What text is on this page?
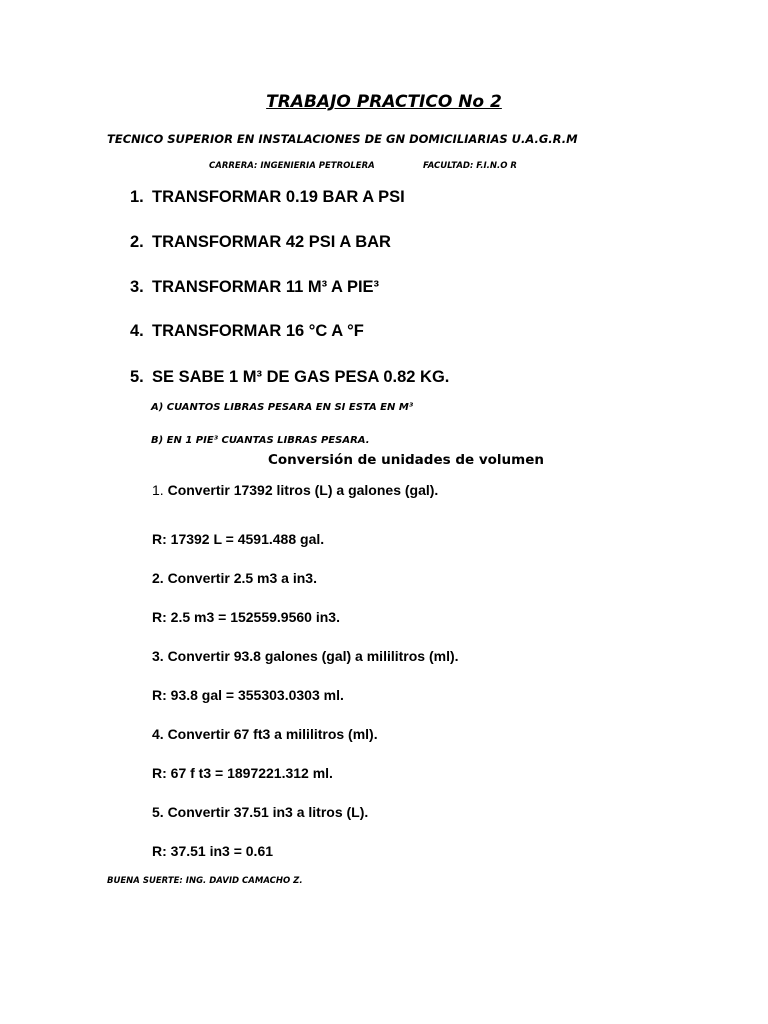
TRABAJO PRACTICO No 2
TECNICO SUPERIOR EN INSTALACIONES DE GN DOMICILIARIAS U.A.G.R.M
CARRERA: INGENIERIA PETROLERA	FACULTAD: F.I.N.O R
1. TRANSFORMAR 0.19 BAR A PSI
2. TRANSFORMAR 42 PSI A BAR
3. TRANSFORMAR 11 M³ A PIE³
4. TRANSFORMAR 16 °C A °F
5. SE SABE 1 M³ DE GAS PESA 0.82 KG.
A) CUANTOS LIBRAS PESARA EN SI ESTA EN M³
B) EN 1 PIE³ CUANTAS LIBRAS PESARA.
Conversión de unidades de volumen
1. Convertir 17392 litros (L) a galones (gal).
R: 17392 L = 4591.488 gal.
2. Convertir 2.5 m3 a in3.
R: 2.5 m3 = 152559.9560 in3.
3. Convertir 93.8 galones (gal) a mililitros (ml).
R: 93.8 gal = 355303.0303 ml.
4. Convertir 67 ft3 a mililitros (ml).
R: 67 f t3 = 1897221.312 ml.
5. Convertir 37.51 in3 a litros (L).
R: 37.51 in3 = 0.61
BUENA SUERTE: ING. DAVID CAMACHO Z.
